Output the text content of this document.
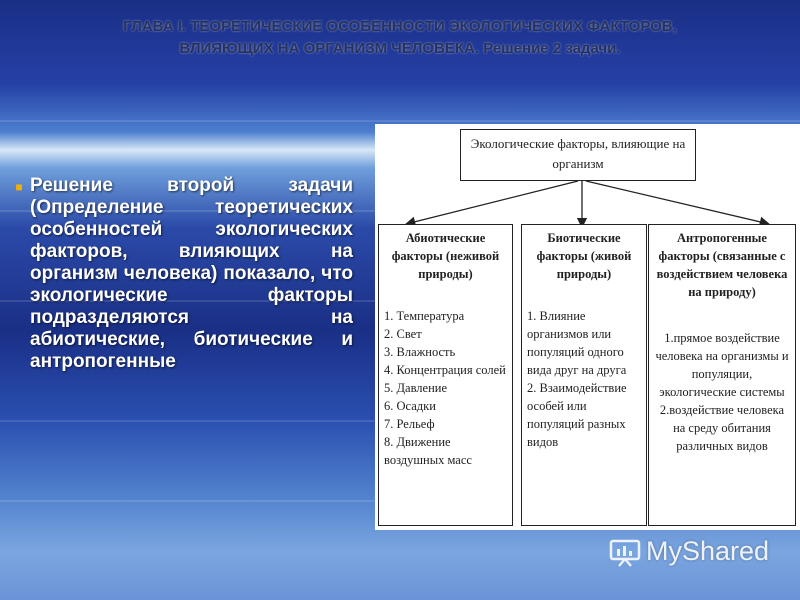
ГЛАВА I. ТЕОРЕТИЧЕСКИЕ ОСОБЕННОСТИ ЭКОЛОГИЧЕСКИХ ФАКТОРОВ,
ВЛИЯЮЩИХ НА ОРГАНИЗМ ЧЕЛОВЕКА. Решение 2 задачи.
■ Решение второй задачи (Определение теоретических особенностей экологических факторов, влияющих на организм человека) показало, что экологические факторы подразделяются на абиотические, биотические и антропогенные
Экологические факторы, влияющие на организм
Абиотические факторы (неживой природы)
1. Температура
2. Свет
3. Влажность
4. Концентрация солей
5. Давление
6. Осадки
7. Рельеф
8. Движение воздушных масс
Биотические факторы (живой природы)
1. Влияние организмов или популяций одного вида друг на друга
2. Взаимодействие особей или популяций разных видов
Антропогенные факторы (связанные с воздействием человека на природу)
1.прямое воздействие человека на организмы и популяции, экологические системы
2.воздействие человека на среду обитания различных видов
MyShared
